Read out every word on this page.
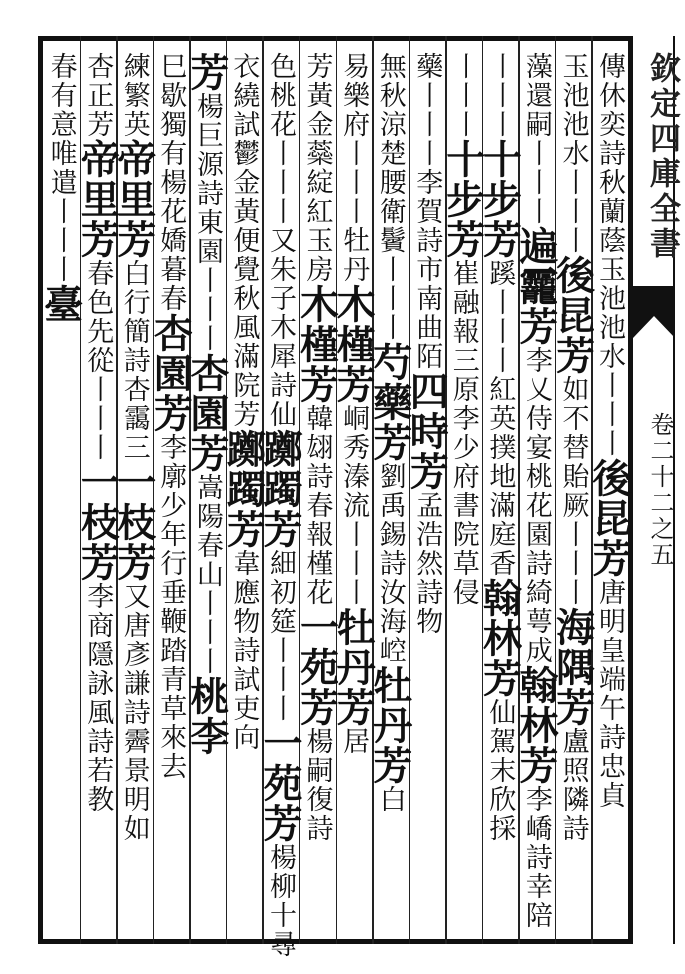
傳休奕詩秋蘭蔭玉池池水丨丨丨後昆芳唐明皇端午詩忠貞
玉池池水丨丨丨後昆芳如不替貽厥丨丨丨海隅芳盧照隣詩
藻還嗣丨丨丨遍龗芳李乂侍宴桃花園詩綺萼成翰林芳李嶠詩幸陪
丨丨丨十步芳蹊丨丨丨紅英撲地滿庭香翰林芳仙駕末欣採
丨丨丨十步芳崔融報三原李少府書院草侵
藥丨丨丨李賀詩市南曲陌四時芳孟浩然詩物
無秋涼楚腰衛鬢丨丨丨芍藥芳劉禹錫詩汝海崆牡丹芳白
易樂府丨丨丨牡丹木槿芳峒秀溱流丨丨丨牡丹芳居
芳黃金蘂綻紅玉房木槿芳韓翃詩春報槿花一苑芳楊嗣復詩
色桃花丨丨丨又朱子木犀詩仙躑躅芳細初筵丨丨丨一苑芳楊柳十尋
衣繞試鬱金黃便覺秋風滿院芳躑躅芳韋應物詩試吏向
芳楊巨源詩東園丨丨丨杏園芳嵩陽春山丨丨丨桃李
巳歇獨有楊花嬌暮春杏園芳李廓少年行垂鞭踏青草來去
練繁英帝里芳白行簡詩杏靄三一枝芳又唐彥謙詩霽景明如
杏正芳帝里芳春色先從丨丨丨一枝芳李商隱詠風詩若教
春有意唯遣丨丨丨臺
欽定四庫全書
卷二十二之五
